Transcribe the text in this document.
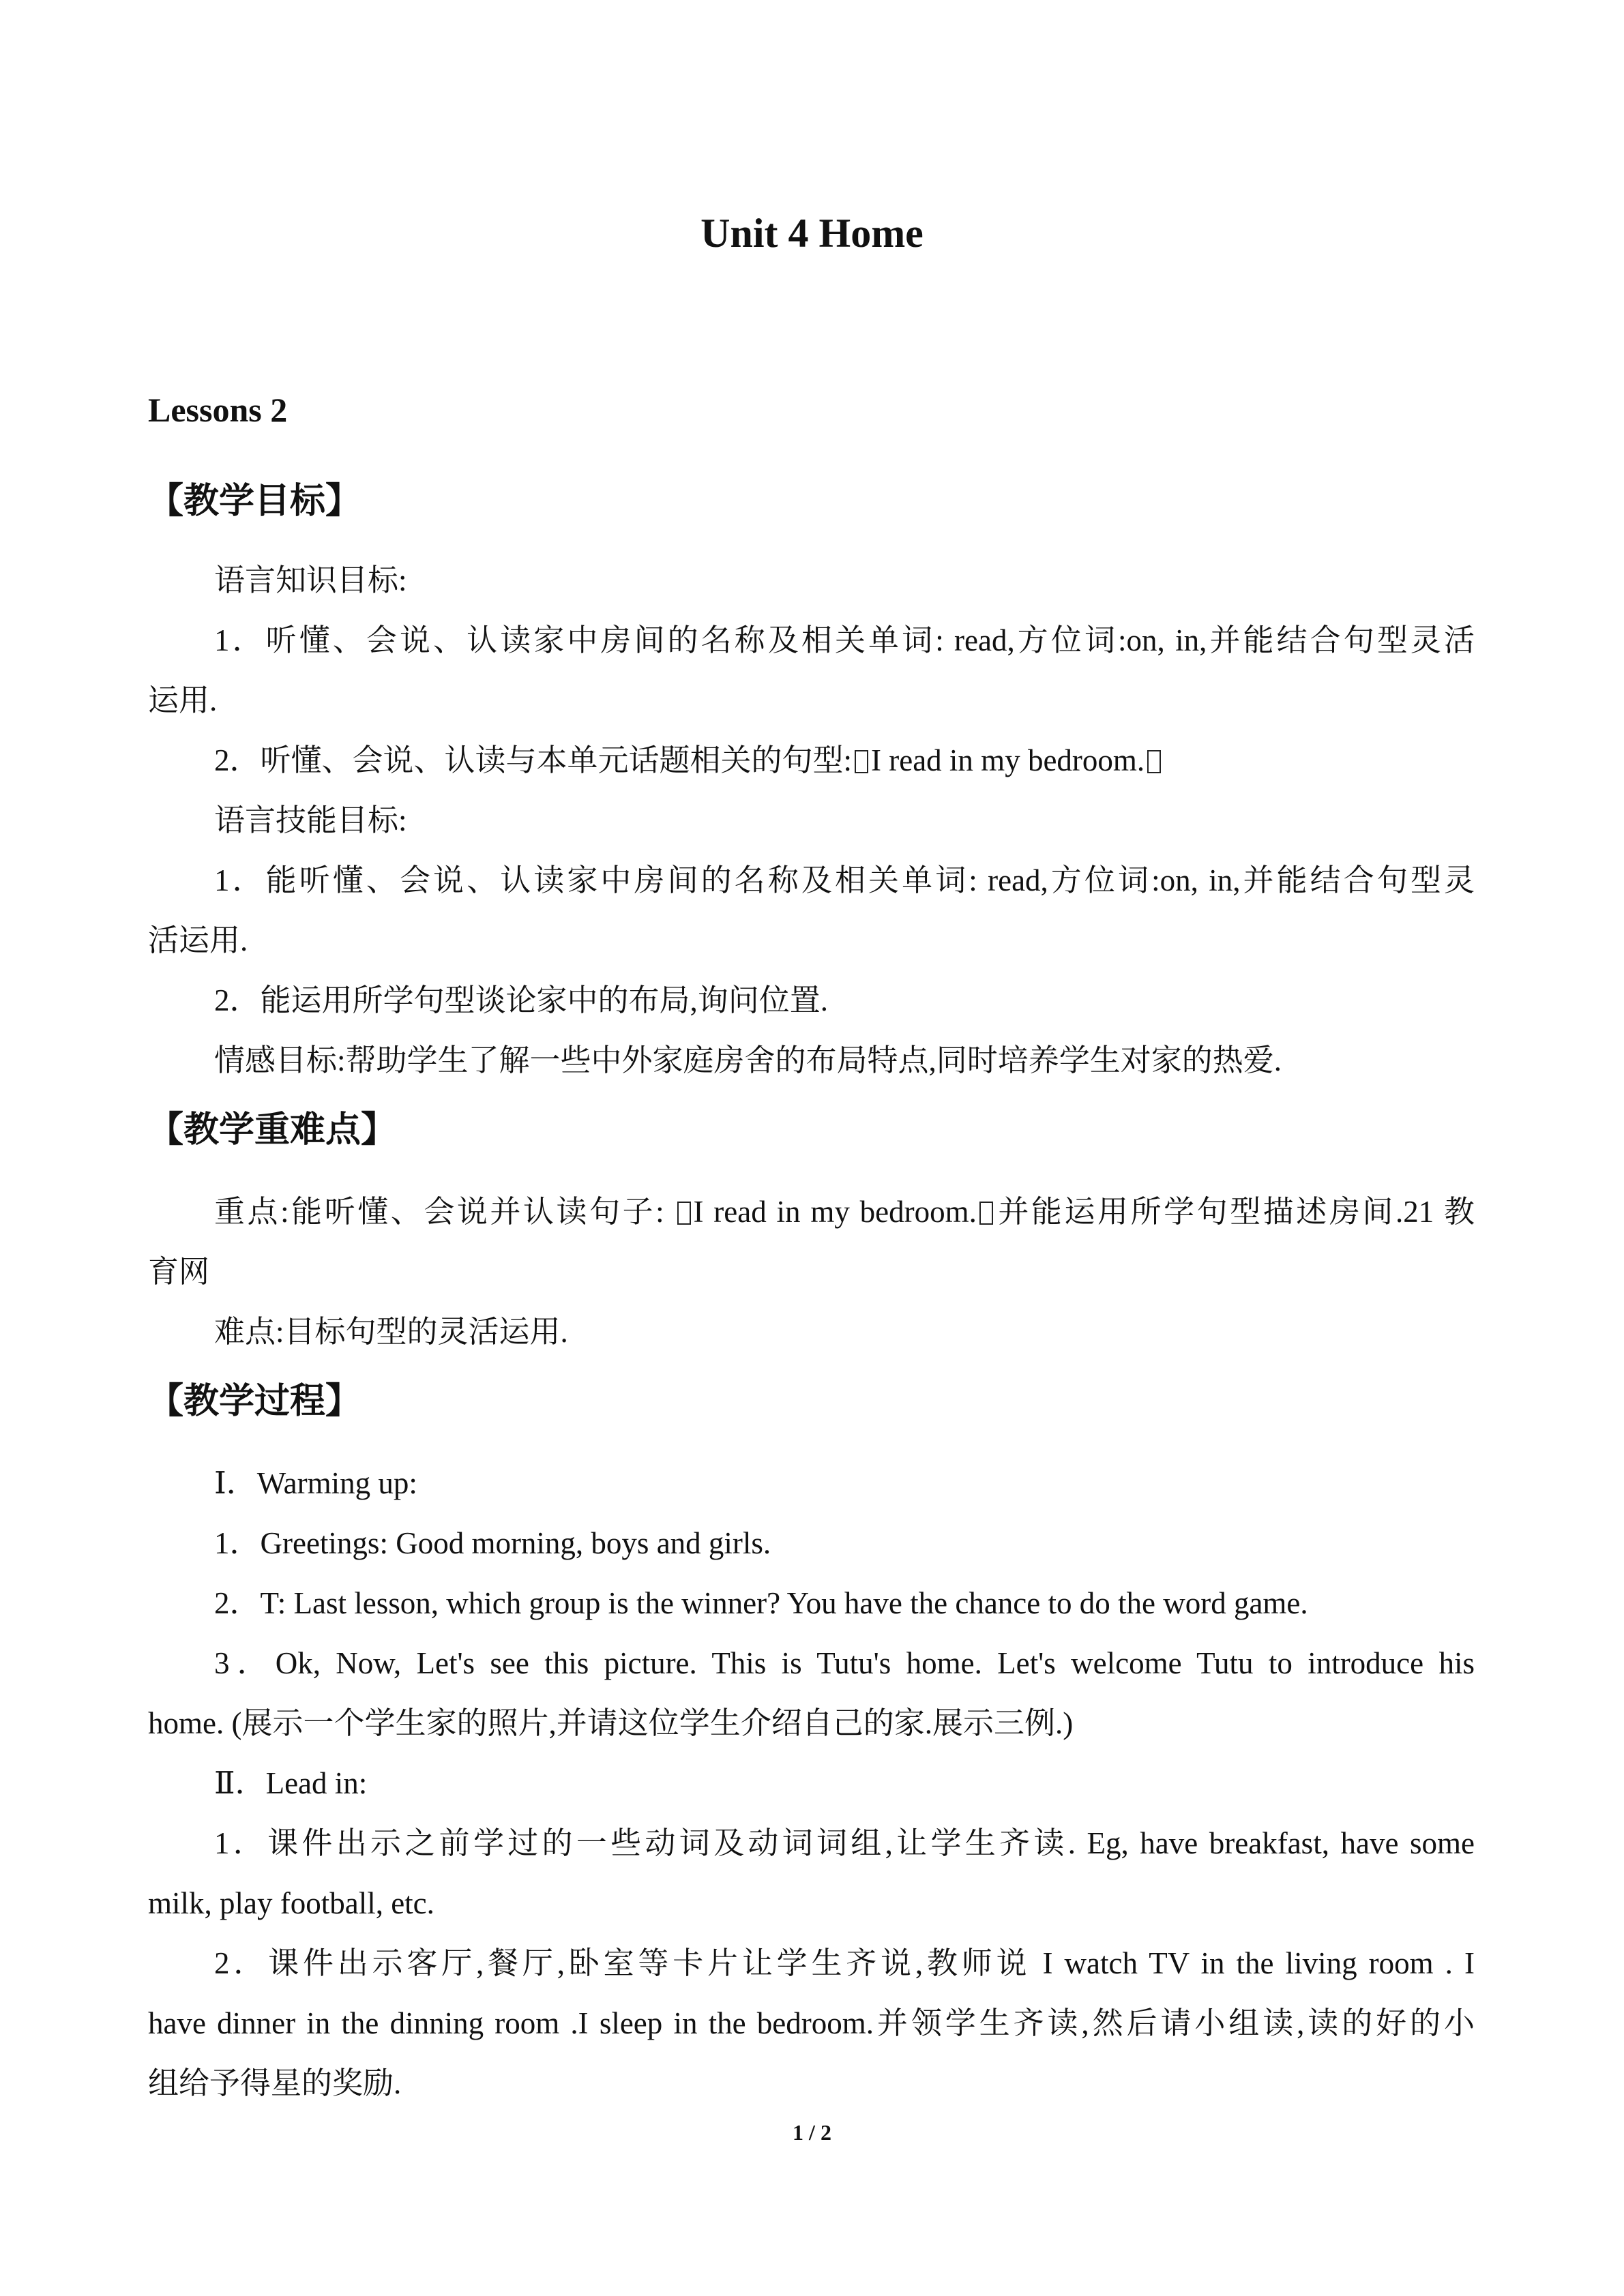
Unit 4 Home
Lessons 2
【教学目标】
语言知识目标:
1．听懂、会说、认读家中房间的名称及相关单词: read,方位词:on, in,并能结合句型灵活
运用.
2．听懂、会说、认读与本单元话题相关的句型: I read in my bedroom.
语言技能目标:
1．能听懂、会说、认读家中房间的名称及相关单词: read,方位词:on, in,并能结合句型灵
活运用.
2．能运用所学句型谈论家中的布局,询问位置.
情感目标:帮助学生了解一些中外家庭房舍的布局特点,同时培养学生对家的热爱.
【教学重难点】
重点:能听懂、会说并认读句子: I read in my bedroom. 并能运用所学句型描述房间.21 教
育网
难点:目标句型的灵活运用.
【教学过程】
Ⅰ．Warming up:
1．Greetings: Good morning, boys and girls.
2．T: Last lesson, which group is the winner? You have the chance to do the word game.
3．Ok, Now, Let's see this picture. This is Tutu's home. Let's welcome Tutu to introduce his
home. (展示一个学生家的照片,并请这位学生介绍自己的家.展示三例.)
Ⅱ．Lead in:
1．课件出示之前学过的一些动词及动词词组,让学生齐读. Eg, have breakfast, have some
milk, play football, etc.
2．课件出示客厅,餐厅,卧室等卡片让学生齐说,教师说 I watch TV in the living room . I
have dinner in the dinning room .I sleep in the bedroom.并领学生齐读,然后请小组读,读的好的小
组给予得星的奖励.
1 / 2
